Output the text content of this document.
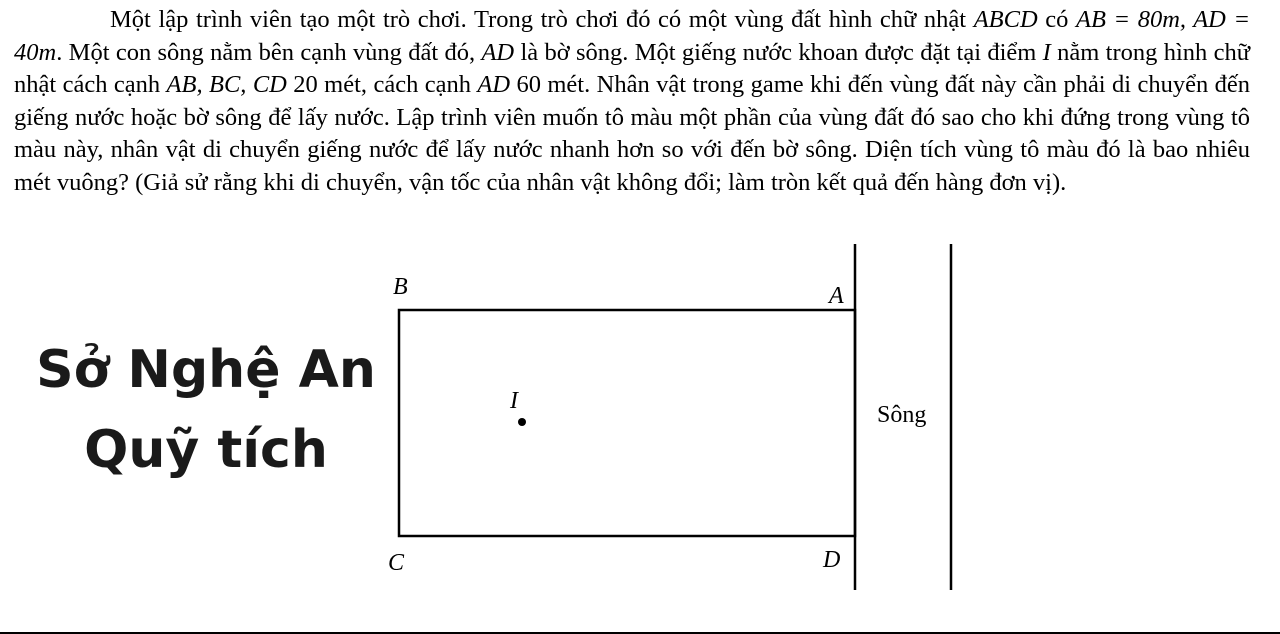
Một lập trình viên tạo một trò chơi. Trong trò chơi đó có một vùng đất hình chữ nhật ABCD có AB = 80m, AD = 40m. Một con sông nằm bên cạnh vùng đất đó, AD là bờ sông. Một giếng nước khoan được đặt tại điểm I nằm trong hình chữ nhật cách cạnh AB, BC, CD 20 mét, cách cạnh AD 60 mét. Nhân vật trong game khi đến vùng đất này cần phải di chuyển đến giếng nước hoặc bờ sông để lấy nước. Lập trình viên muốn tô màu một phần của vùng đất đó sao cho khi đứng trong vùng tô màu này, nhân vật di chuyển giếng nước để lấy nước nhanh hơn so với đến bờ sông. Diện tích vùng tô màu đó là bao nhiêu mét vuông? (Giả sử rằng khi di chuyển, vận tốc của nhân vật không đổi; làm tròn kết quả đến hàng đơn vị).

Sở Nghệ An
Quỹ tích
B	A
C	D
I
Sông
